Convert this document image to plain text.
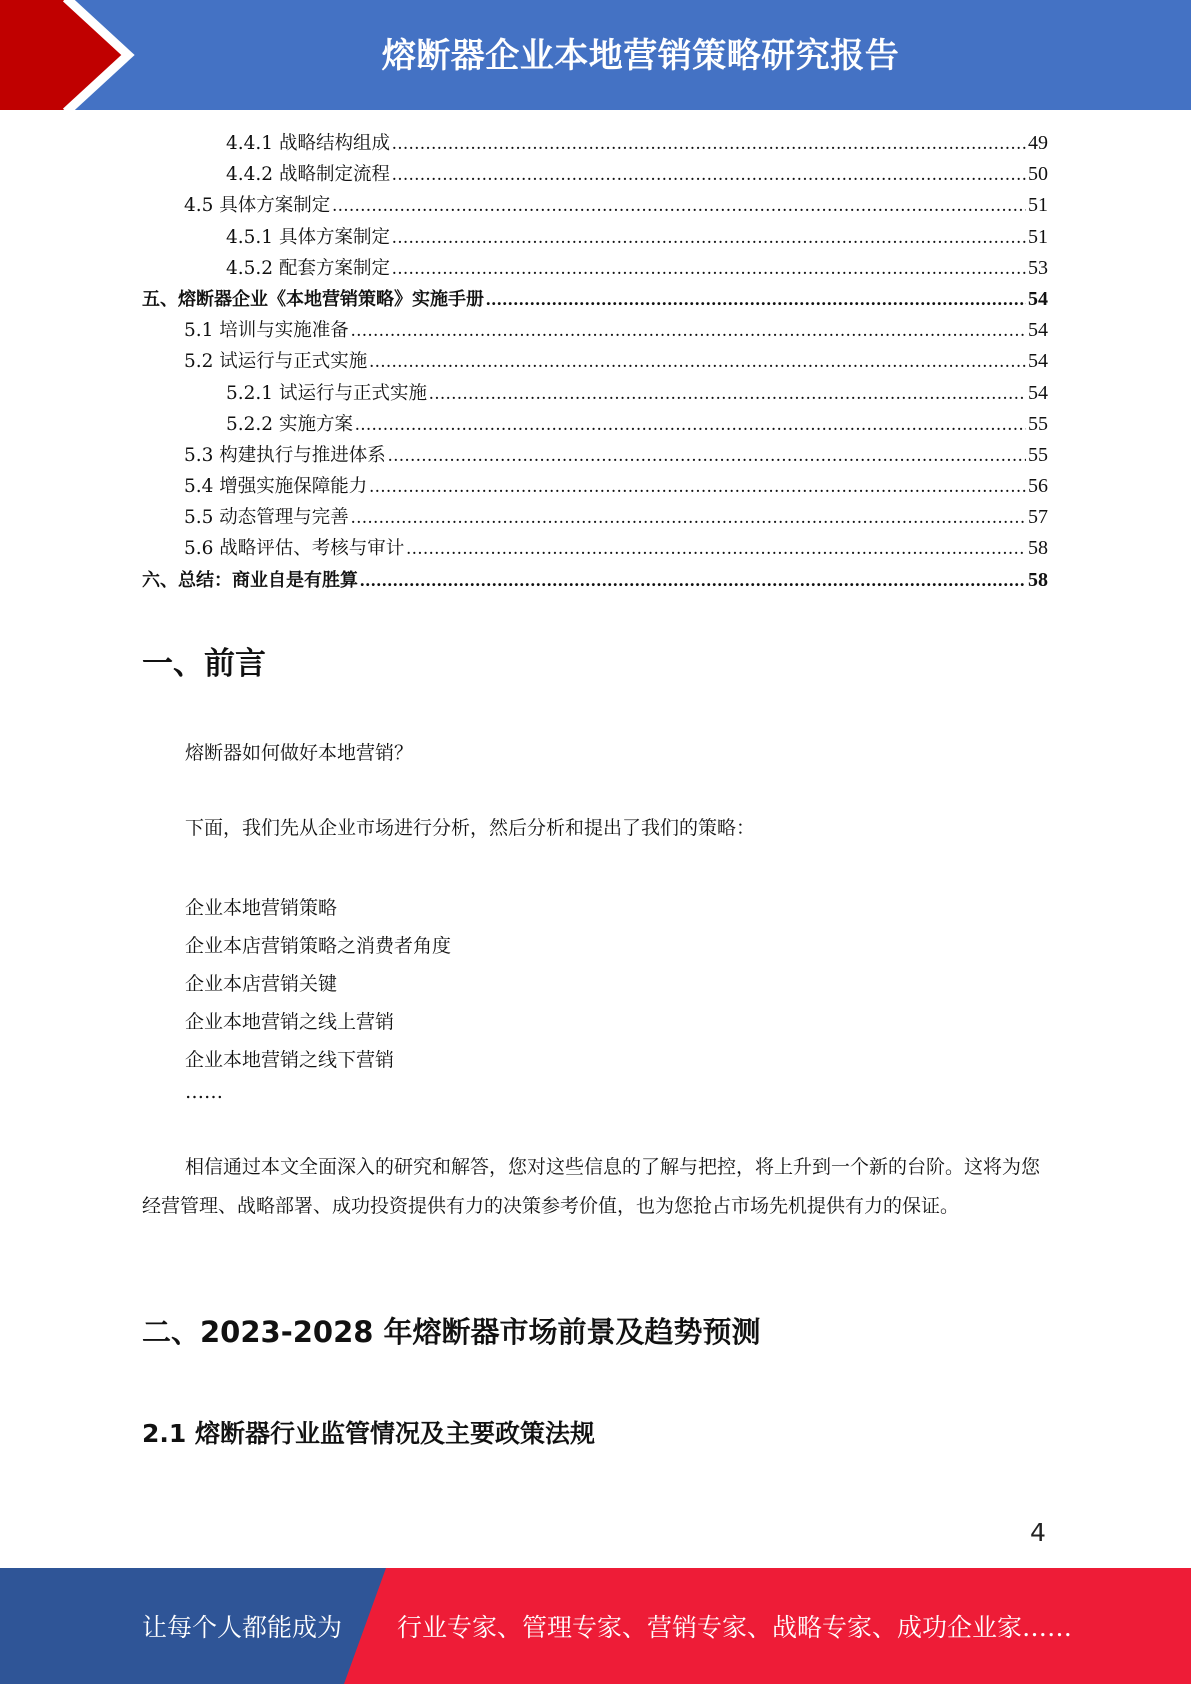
熔断器企业本地营销策略研究报告
4.4.1 战略结构组成 .....	49
4.4.2 战略制定流程 .....	50
4.5 具体方案制定 .....	51
4.5.1 具体方案制定 .....	51
4.5.2 配套方案制定 .....	53
五、熔断器企业《本地营销策略》实施手册 .....	54
5.1 培训与实施准备 .....	54
5.2 试运行与正式实施 .....	54
5.2.1 试运行与正式实施 .....	54
5.2.2 实施方案 .....	55
5.3 构建执行与推进体系 .....	55
5.4 增强实施保障能力 .....	56
5.5 动态管理与完善 .....	57
5.6 战略评估、考核与审计 .....	58
六、总结：商业自是有胜算 .....	58
一、前言
熔断器如何做好本地营销？
下面，我们先从企业市场进行分析，然后分析和提出了我们的策略：
企业本地营销策略
企业本店营销策略之消费者角度
企业本店营销关键
企业本地营销之线上营销
企业本地营销之线下营销
……
相信通过本文全面深入的研究和解答，您对这些信息的了解与把控，将上升到一个新的台阶。这将为您经营管理、战略部署、成功投资提供有力的决策参考价值，也为您抢占市场先机提供有力的保证。
二、2023-2028 年熔断器市场前景及趋势预测
2.1 熔断器行业监管情况及主要政策法规
4
让每个人都能成为 行业专家、管理专家、营销专家、战略专家、成功企业家……
